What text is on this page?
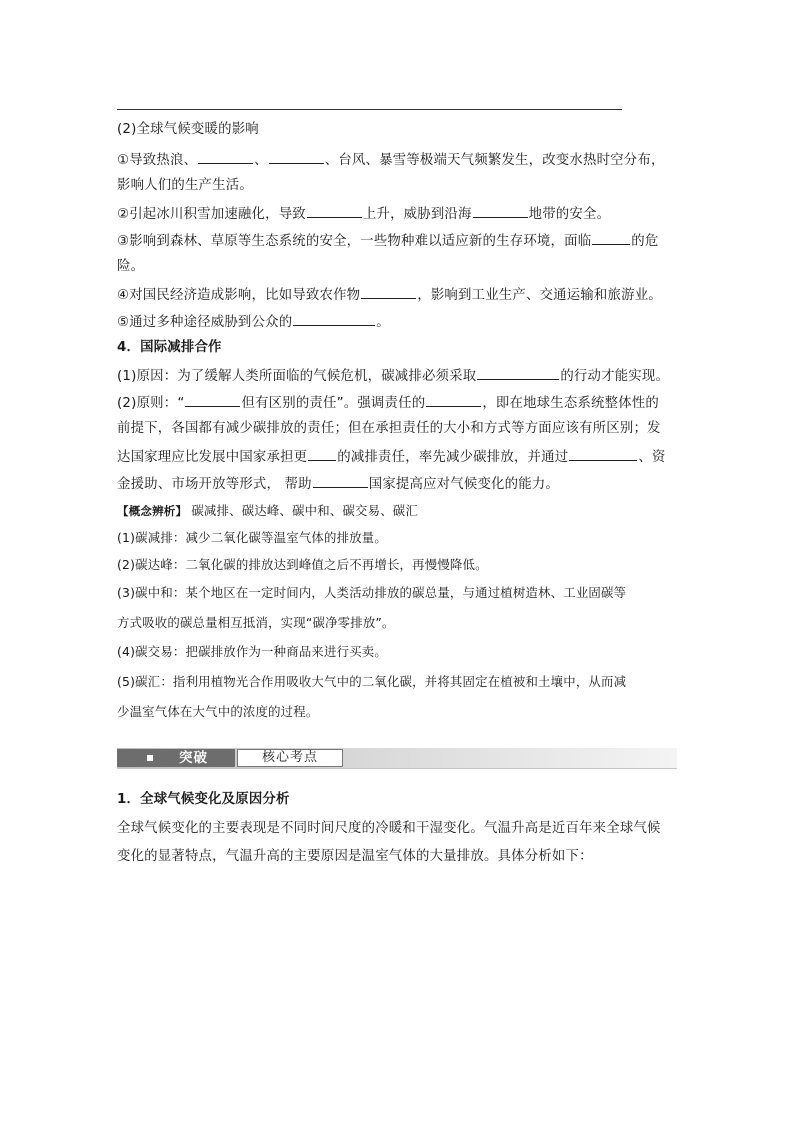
(2)全球气候变暖的影响
①导致热浪、	、	、台风、暴雪等极端天气频繁发生，改变水热时空分布，
影响人们的生产生活。
②引起冰川积雪加速融化，导致	上升，威胁到沿海	地带的安全。
③影响到森林、草原等生态系统的安全，一些物种难以适应新的生存环境，面临	的危
险。
④对国民经济造成影响，比如导致农作物	，影响到工业生产、交通运输和旅游业。
⑤通过多种途径威胁到公众的	。
4．国际减排合作
(1)原因：为了缓解人类所面临的气候危机，碳减排必须采取	的行动才能实现。
(2)原则：“	但有区别的责任”。强调责任的	，即在地球生态系统整体性的
前提下，各国都有减少碳排放的责任；但在承担责任的大小和方式等方面应该有所区别；发
达国家理应比发展中国家承担更 的减排责任，率先减少碳排放，并通过	、资
金援助、市场开放等形式， 帮助	国家提高应对气候变化的能力。
【概念辨析】 碳减排、碳达峰、碳中和、碳交易、碳汇
(1)碳减排：减少二氧化碳等温室气体的排放量。
(2)碳达峰：二氧化碳的排放达到峰值之后不再增长，再慢慢降低。
(3)碳中和：某个地区在一定时间内，人类活动排放的碳总量，与通过植树造林、工业固碳等
方式吸收的碳总量相互抵消，实现“碳净零排放”。
(4)碳交易：把碳排放作为一种商品来进行买卖。
(5)碳汇：指利用植物光合作用吸收大气中的二氧化碳，并将其固定在植被和土壤中，从而减
少温室气体在大气中的浓度的过程。
突破	核心考点
1．全球气候变化及原因分析
全球气候变化的主要表现是不同时间尺度的冷暖和干湿变化。气温升高是近百年来全球气候
变化的显著特点，气温升高的主要原因是温室气体的大量排放。具体分析如下：
